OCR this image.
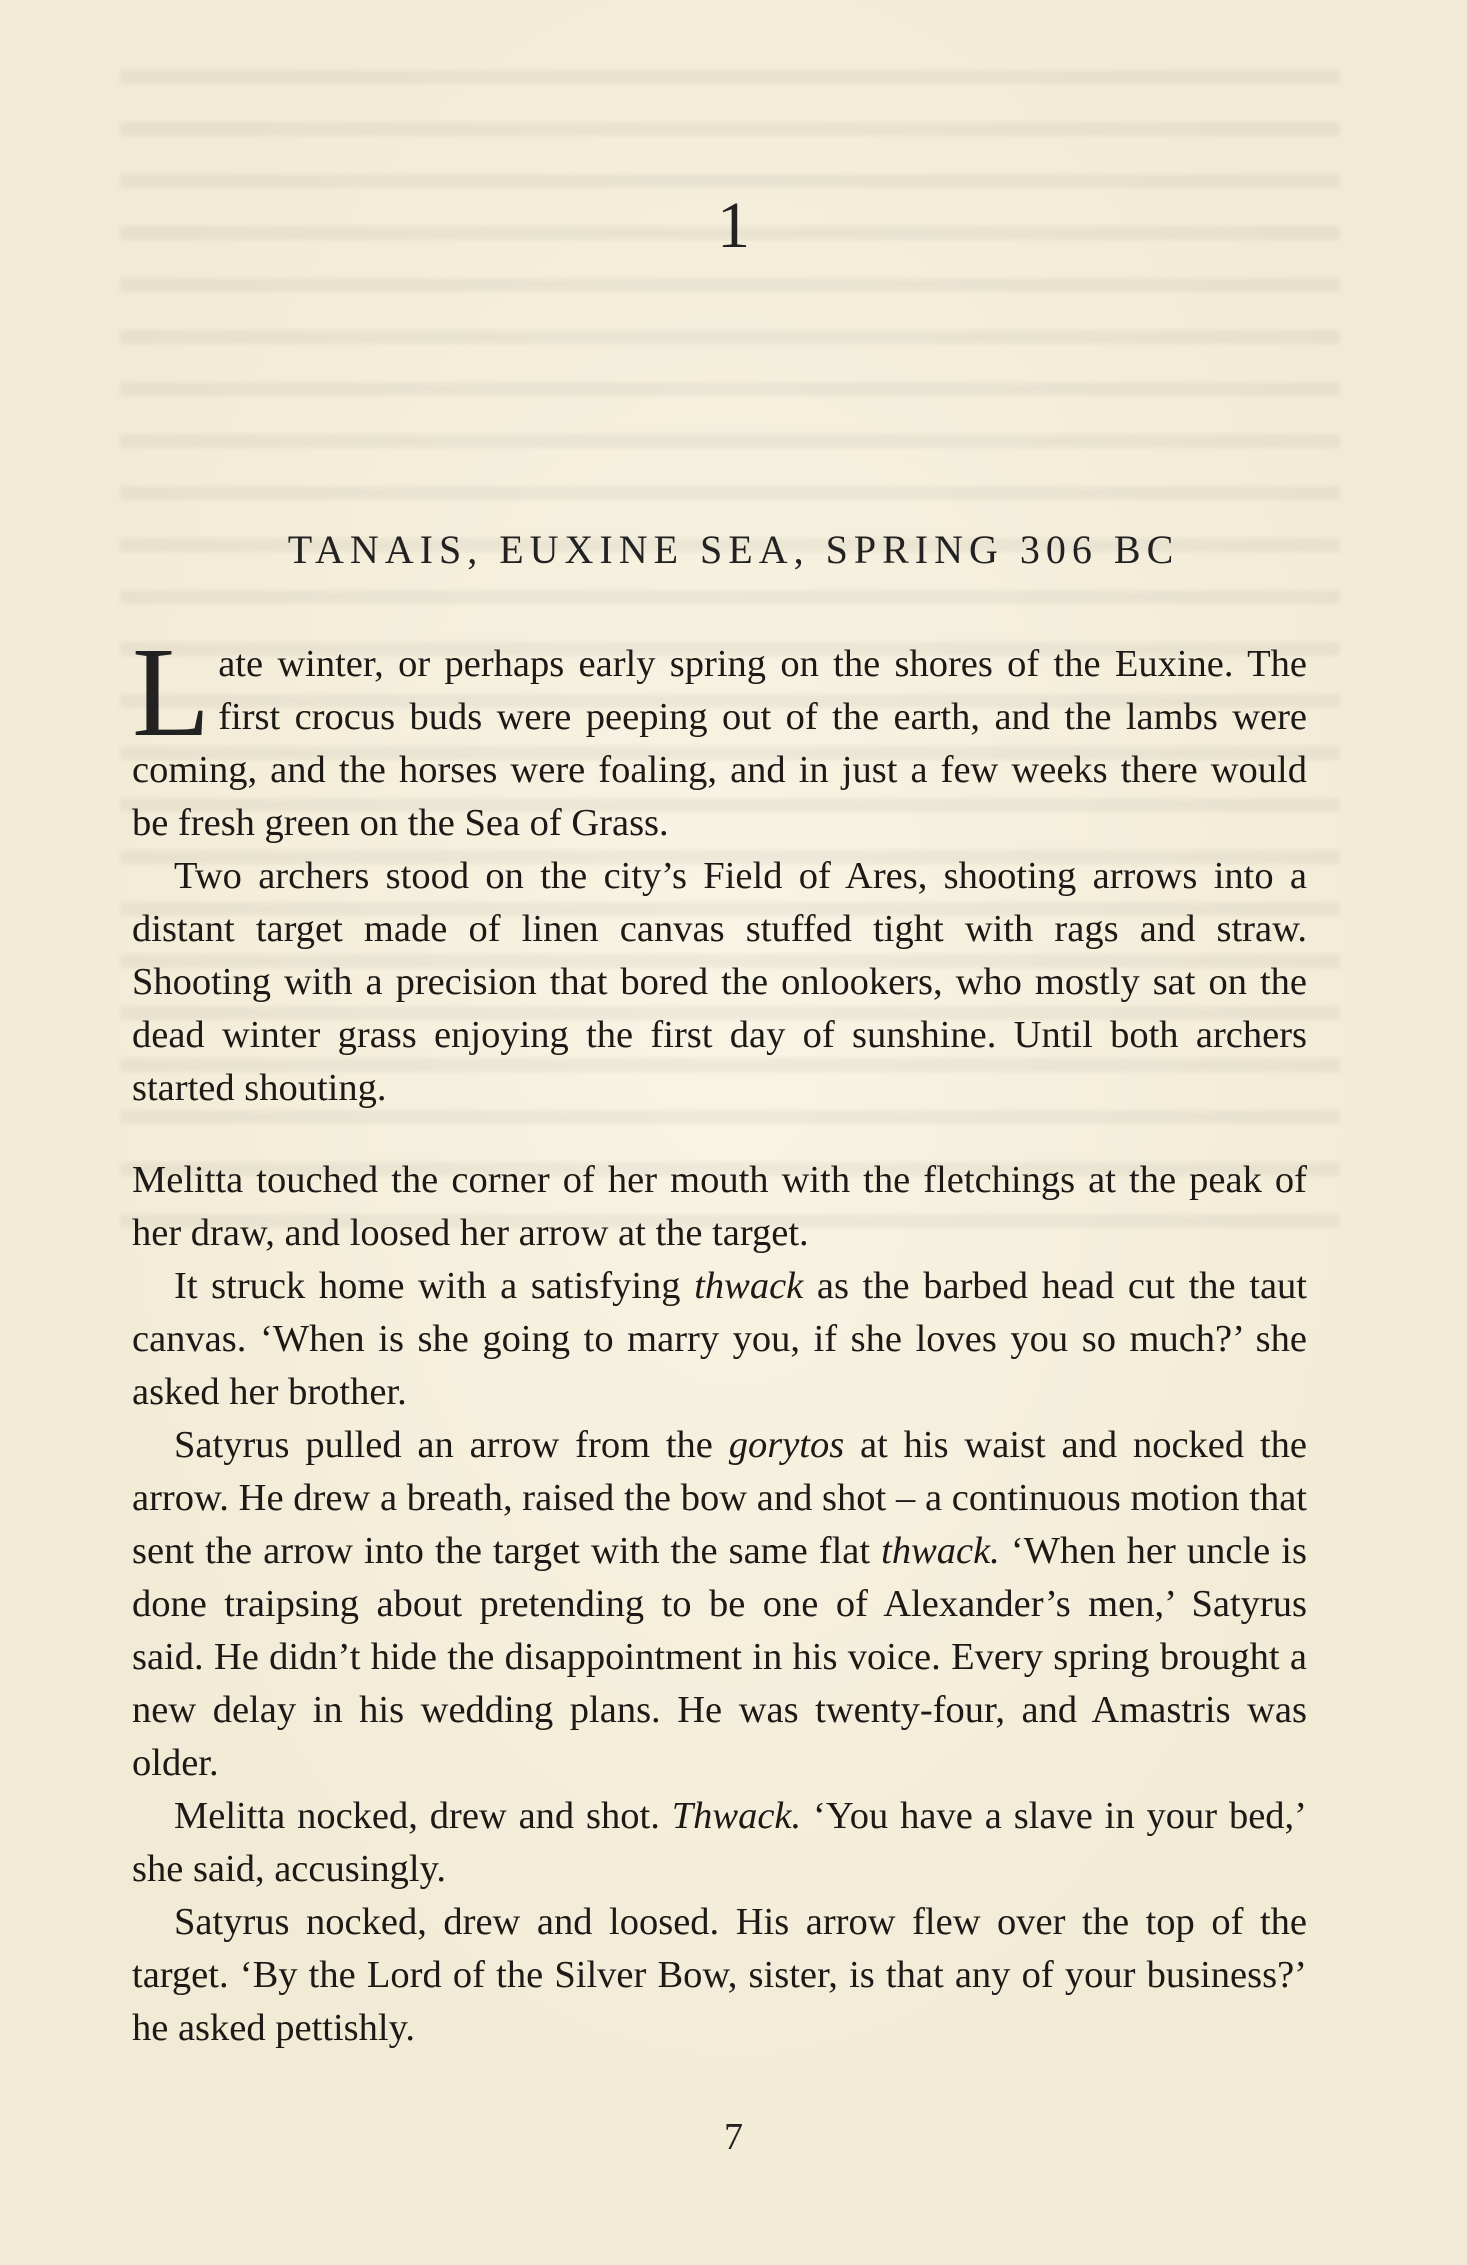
1
TANAIS, EUXINE SEA, SPRING 306 BC

Late winter, or perhaps early spring on the shores of the Euxine. The first crocus buds were peeping out of the earth, and the lambs were coming, and the horses were foaling, and in just a few weeks there would be fresh green on the Sea of Grass.

Two archers stood on the city’s Field of Ares, shooting arrows into a distant target made of linen canvas stuffed tight with rags and straw. Shooting with a precision that bored the onlookers, who mostly sat on the dead winter grass enjoying the first day of sunshine. Until both archers started shouting.

Melitta touched the corner of her mouth with the fletchings at the peak of her draw, and loosed her arrow at the target.

It struck home with a satisfying thwack as the barbed head cut the taut canvas. ‘When is she going to marry you, if she loves you so much?’ she asked her brother.

Satyrus pulled an arrow from the gorytos at his waist and nocked the arrow. He drew a breath, raised the bow and shot – a continuous motion that sent the arrow into the target with the same flat thwack. ‘When her uncle is done traipsing about pretending to be one of Alexander’s men,’ Satyrus said. He didn’t hide the disappointment in his voice. Every spring brought a new delay in his wedding plans. He was twenty-four, and Amastris was older.

Melitta nocked, drew and shot. Thwack. ‘You have a slave in your bed,’ she said, accusingly.

Satyrus nocked, drew and loosed. His arrow flew over the top of the target. ‘By the Lord of the Silver Bow, sister, is that any of your business?’ he asked pettishly.

7
